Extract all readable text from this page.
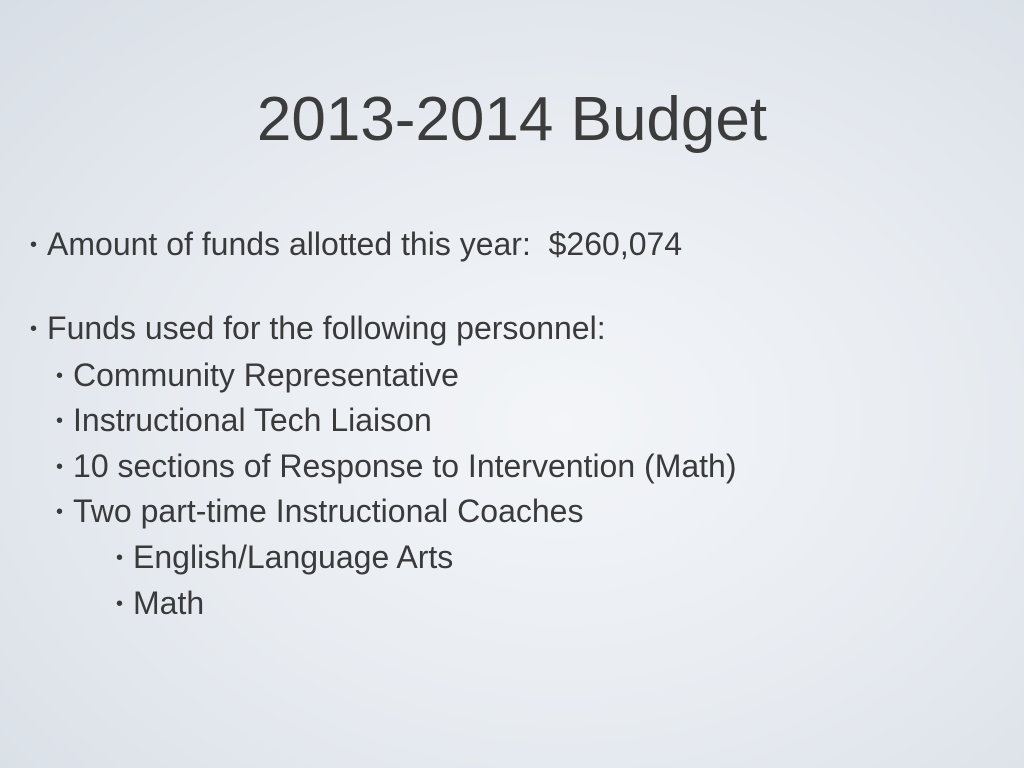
2013-2014 Budget
• Amount of funds allotted this year:  $260,074
• Funds used for the following personnel:
• Community Representative
• Instructional Tech Liaison
• 10 sections of Response to Intervention (Math)
• Two part-time Instructional Coaches
• English/Language Arts
• Math
